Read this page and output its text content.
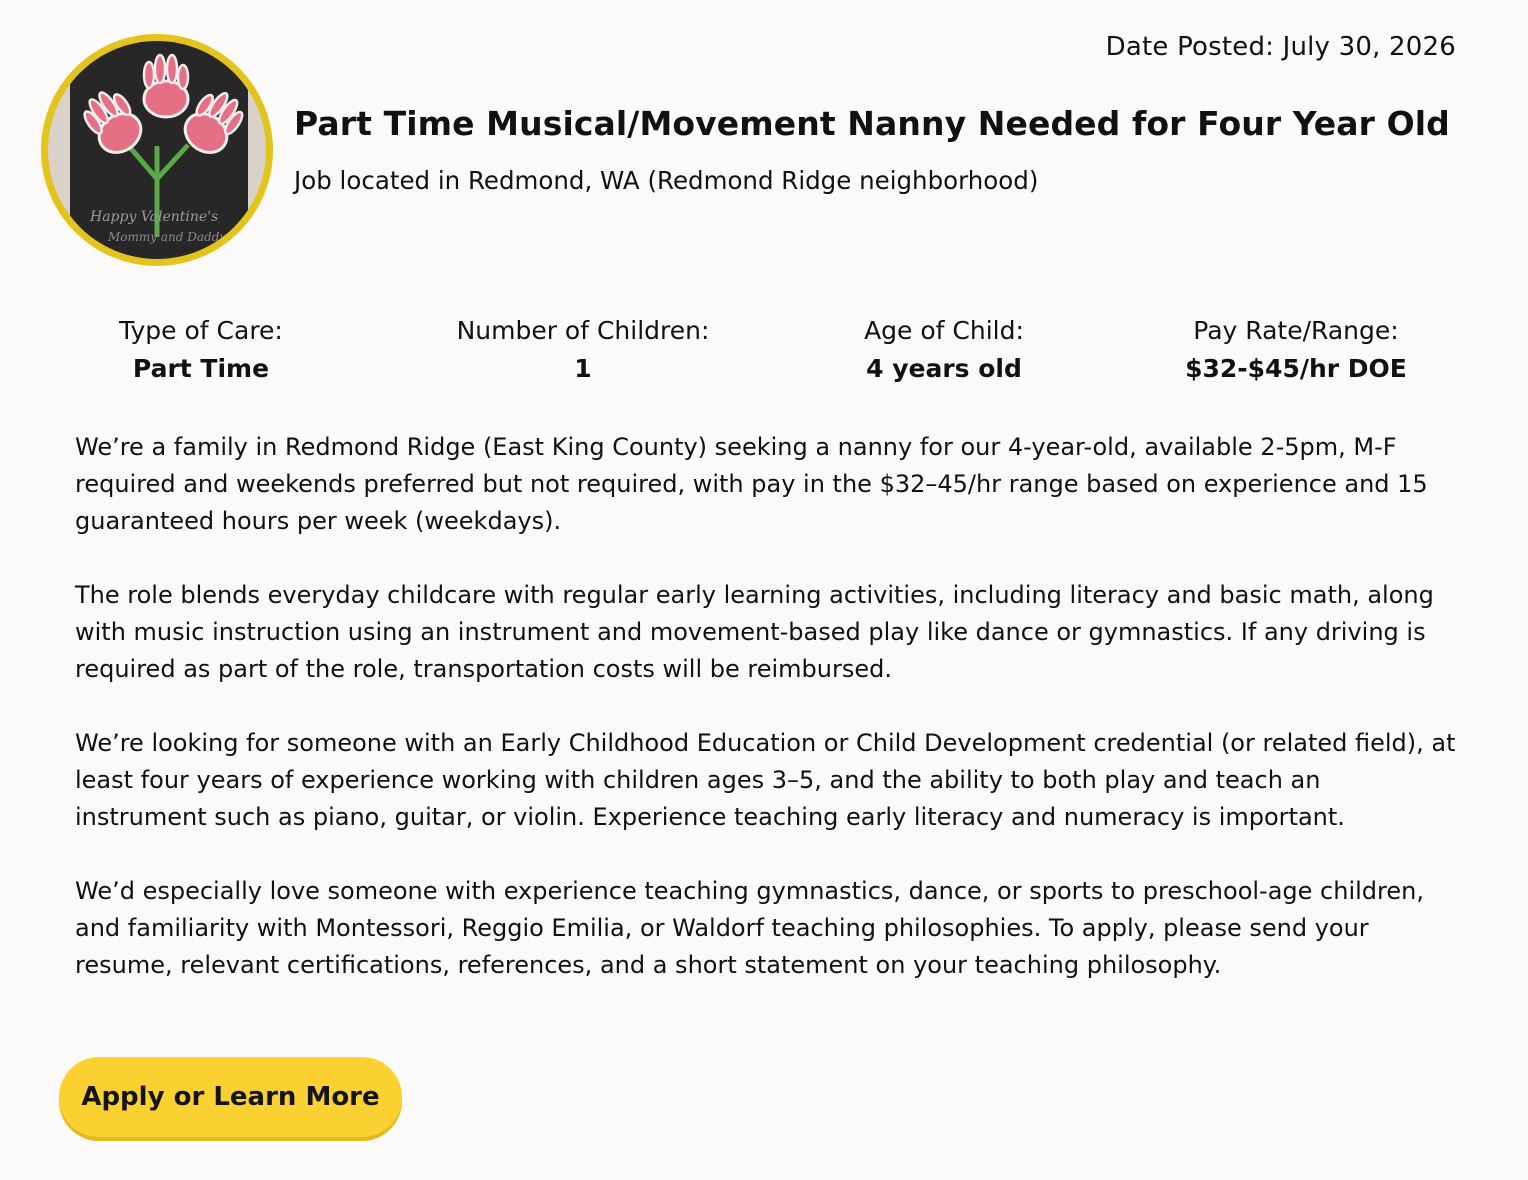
Date Posted: July 30, 2026
Happy Valentine's
Mommy and Daddy
Part Time Musical/Movement Nanny Needed for Four Year Old

Job located in Redmond, WA (Redmond Ridge neighborhood)

Type of Care:
Part Time
Number of Children:
1
Age of Child:
4 years old
Pay Rate/Range:
$32-$45/hr DOE

We’re a family in Redmond Ridge (East King County) seeking a nanny for our 4-year-old, available 2-5pm, M-F required and weekends preferred but not required, with pay in the $32–45/hr range based on experience and 15 guaranteed hours per week (weekdays).

The role blends everyday childcare with regular early learning activities, including literacy and basic math, along with music instruction using an instrument and movement-based play like dance or gymnastics. If any driving is required as part of the role, transportation costs will be reimbursed.

We’re looking for someone with an Early Childhood Education or Child Development credential (or related field), at least four years of experience working with children ages 3–5, and the ability to both play and teach an instrument such as piano, guitar, or violin. Experience teaching early literacy and numeracy is important.

We’d especially love someone with experience teaching gymnastics, dance, or sports to preschool-age children, and familiarity with Montessori, Reggio Emilia, or Waldorf teaching philosophies. To apply, please send your resume, relevant certifications, references, and a short statement on your teaching philosophy.

Apply or Learn More
